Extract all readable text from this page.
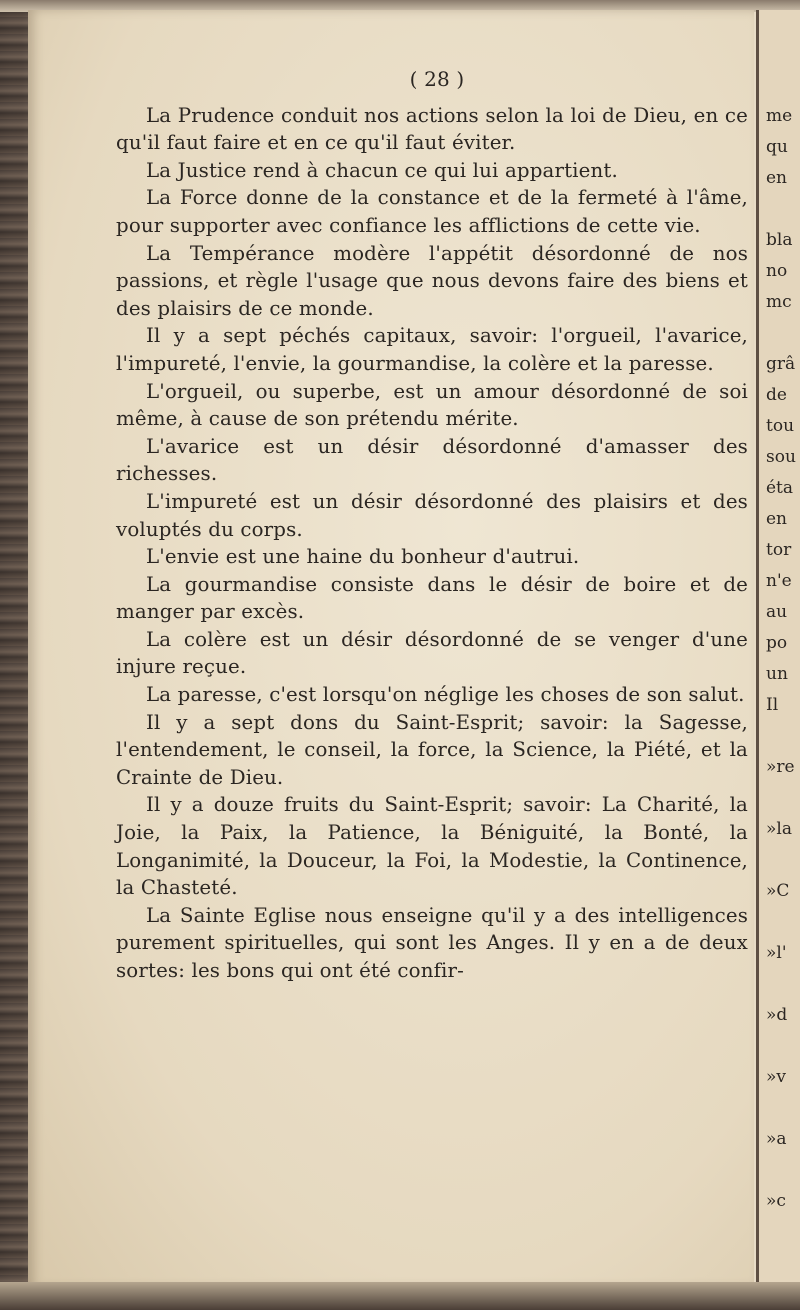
( 28 )

La Prudence conduit nos actions selon la loi de Dieu, en ce qu'il faut faire et en ce qu'il faut éviter.

La Justice rend à chacun ce qui lui appartient.

La Force donne de la constance et de la fermeté à l'âme, pour supporter avec confiance les afflictions de cette vie.

La Tempérance modère l'appétit désordonné de nos passions, et règle l'usage que nous devons faire des biens et des plaisirs de ce monde.

Il y a sept péchés capitaux, savoir: l'orgueil, l'avarice, l'impureté, l'envie, la gourmandise, la colère et la paresse.

L'orgueil, ou superbe, est un amour désordonné de soi même, à cause de son prétendu mérite.

L'avarice est un désir désordonné d'amasser des richesses.

L'impureté est un désir désordonné des plaisirs et des voluptés du corps.

L'envie est une haine du bonheur d'autrui.

La gourmandise consiste dans le désir de boire et de manger par excès.

La colère est un désir désordonné de se venger d'une injure reçue.

La paresse, c'est lorsqu'on néglige les choses de son salut.

Il y a sept dons du Saint-Esprit; savoir: la Sagesse, l'entendement, le conseil, la force, la Science, la Piété, et la Crainte de Dieu.

Il y a douze fruits du Saint-Esprit; savoir: La Charité, la Joie, la Paix, la Patience, la Béniguité, la Bonté, la Longanimité, la Douceur, la Foi, la Modestie, la Continence, la Chasteté.

La Sainte Eglise nous enseigne qu'il y a des intelligences purement spirituelles, qui sont les Anges. Il y en a de deux sortes: les bons qui ont été confir-

me
qu
en
bla
no
mc
grâ
de
tou
sou
éta
en
tor
n'e
au
po
un
Il
»re
»la
»C
»l'
»d
»v
»a
»c
